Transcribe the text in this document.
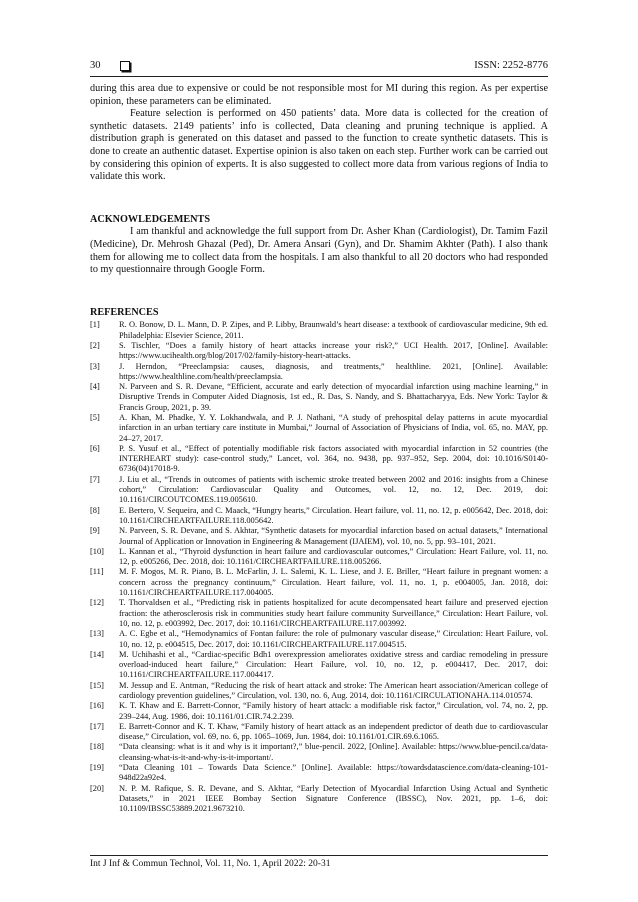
30	ISSN: 2252-8776

during this area due to expensive or could be not responsible most for MI during this region. As per expertise opinion, these parameters can be eliminated.

Feature selection is performed on 450 patients’ data. More data is collected for the creation of synthetic datasets. 2149 patients’ info is collected, Data cleaning and pruning technique is applied. A distribution graph is generated on this dataset and passed to the function to create synthetic datasets. This is done to create an authentic dataset. Expertise opinion is also taken on each step. Further work can be carried out by considering this opinion of experts. It is also suggested to collect more data from various regions of India to validate this work.

ACKNOWLEDGEMENTS

I am thankful and acknowledge the full support from Dr. Asher Khan (Cardiologist), Dr. Tamim Fazil (Medicine), Dr. Mehrosh Ghazal (Ped), Dr. Amera Ansari (Gyn), and Dr. Shamim Akhter (Path). I also thank them for allowing me to collect data from the hospitals. I am also thankful to all 20 doctors who had responded to my questionnaire through Google Form.

REFERENCES
[1] R. O. Bonow, D. L. Mann, D. P. Zipes, and P. Libby, Braunwald’s heart disease: a textbook of cardiovascular medicine, 9th ed. Philadelphia: Elsevier Science, 2011.
[2] S. Tischler, “Does a family history of heart attacks increase your risk?,” UCI Health. 2017, [Online]. Available: https://www.ucihealth.org/blog/2017/02/family-history-heart-attacks.
[3] J. Herndon, “Preeclampsia: causes, diagnosis, and treatments,” healthline. 2021, [Online]. Available: https://www.healthline.com/health/preeclampsia.
[4] N. Parveen and S. R. Devane, “Efficient, accurate and early detection of myocardial infarction using machine learning,” in Disruptive Trends in Computer Aided Diagnosis, 1st ed., R. Das, S. Nandy, and S. Bhattacharyya, Eds. New York: Taylor & Francis Group, 2021, p. 39.
[5] A. Khan, M. Phadke, Y. Y. Lokhandwala, and P. J. Nathani, “A study of prehospital delay patterns in acute myocardial infarction in an urban tertiary care institute in Mumbai,” Journal of Association of Physicians of India, vol. 65, no. MAY, pp. 24–27, 2017.
[6] P. S. Yusuf et al., “Effect of potentially modifiable risk factors associated with myocardial infarction in 52 countries (the INTERHEART study): case-control study,” Lancet, vol. 364, no. 9438, pp. 937–952, Sep. 2004, doi: 10.1016/S0140-6736(04)17018-9.
[7] J. Liu et al., “Trends in outcomes of patients with ischemic stroke treated between 2002 and 2016: insights from a Chinese cohort,” Circulation: Cardiovascular Quality and Outcomes, vol. 12, no. 12, Dec. 2019, doi: 10.1161/CIRCOUTCOMES.119.005610.
[8] E. Bertero, V. Sequeira, and C. Maack, “Hungry hearts,” Circulation. Heart failure, vol. 11, no. 12, p. e005642, Dec. 2018, doi: 10.1161/CIRCHEARTFAILURE.118.005642.
[9] N. Parveen, S. R. Devane, and S. Akhtar, “Synthetic datasets for myocardial infarction based on actual datasets,” International Journal of Application or Innovation in Engineering & Management (IJAIEM), vol. 10, no. 5, pp. 93–101, 2021.
[10] L. Kannan et al., “Thyroid dysfunction in heart failure and cardiovascular outcomes,” Circulation: Heart Failure, vol. 11, no. 12, p. e005266, Dec. 2018, doi: 10.1161/CIRCHEARTFAILURE.118.005266.
[11] M. F. Mogos, M. R. Piano, B. L. McFarlin, J. L. Salemi, K. L. Liese, and J. E. Briller, “Heart failure in pregnant women: a concern across the pregnancy continuum,” Circulation. Heart failure, vol. 11, no. 1, p. e004005, Jan. 2018, doi: 10.1161/CIRCHEARTFAILURE.117.004005.
[12] T. Thorvaldsen et al., “Predicting risk in patients hospitalized for acute decompensated heart failure and preserved ejection fraction: the atherosclerosis risk in communities study heart failure community Surveillance,” Circulation: Heart Failure, vol. 10, no. 12, p. e003992, Dec. 2017, doi: 10.1161/CIRCHEARTFAILURE.117.003992.
[13] A. C. Egbe et al., “Hemodynamics of Fontan failure: the role of pulmonary vascular disease,” Circulation: Heart Failure, vol. 10, no. 12, p. e004515, Dec. 2017, doi: 10.1161/CIRCHEARTFAILURE.117.004515.
[14] M. Uchihashi et al., “Cardiac-specific Bdh1 overexpression ameliorates oxidative stress and cardiac remodeling in pressure overload-induced heart failure,” Circulation: Heart Failure, vol. 10, no. 12, p. e004417, Dec. 2017, doi: 10.1161/CIRCHEARTFAILURE.117.004417.
[15] M. Jessup and E. Antman, “Reducing the risk of heart attack and stroke: The American heart association/American college of cardiology prevention guidelines,” Circulation, vol. 130, no. 6, Aug. 2014, doi: 10.1161/CIRCULATIONAHA.114.010574.
[16] K. T. Khaw and E. Barrett-Connor, “Family history of heart attack: a modifiable risk factor,” Circulation, vol. 74, no. 2, pp. 239–244, Aug. 1986, doi: 10.1161/01.CIR.74.2.239.
[17] E. Barrett-Connor and K. T. Khaw, “Family history of heart attack as an independent predictor of death due to cardiovascular disease,” Circulation, vol. 69, no. 6, pp. 1065–1069, Jun. 1984, doi: 10.1161/01.CIR.69.6.1065.
[18] “Data cleansing: what is it and why is it important?,” blue-pencil. 2022, [Online]. Available: https://www.blue-pencil.ca/data-cleansing-what-is-it-and-why-is-it-important/.
[19] “Data Cleaning 101 – Towards Data Science.” [Online]. Available: https://towardsdatascience.com/data-cleaning-101-948d22a92e4.
[20] N. P. M. Rafique, S. R. Devane, and S. Akhtar, “Early Detection of Myocardial Infarction Using Actual and Synthetic Datasets,” in 2021 IEEE Bombay Section Signature Conference (IBSSC), Nov. 2021, pp. 1–6, doi: 10.1109/IBSSC53889.2021.9673210.
Int J Inf & Commun Technol, Vol. 11, No. 1, April 2022: 20-31
